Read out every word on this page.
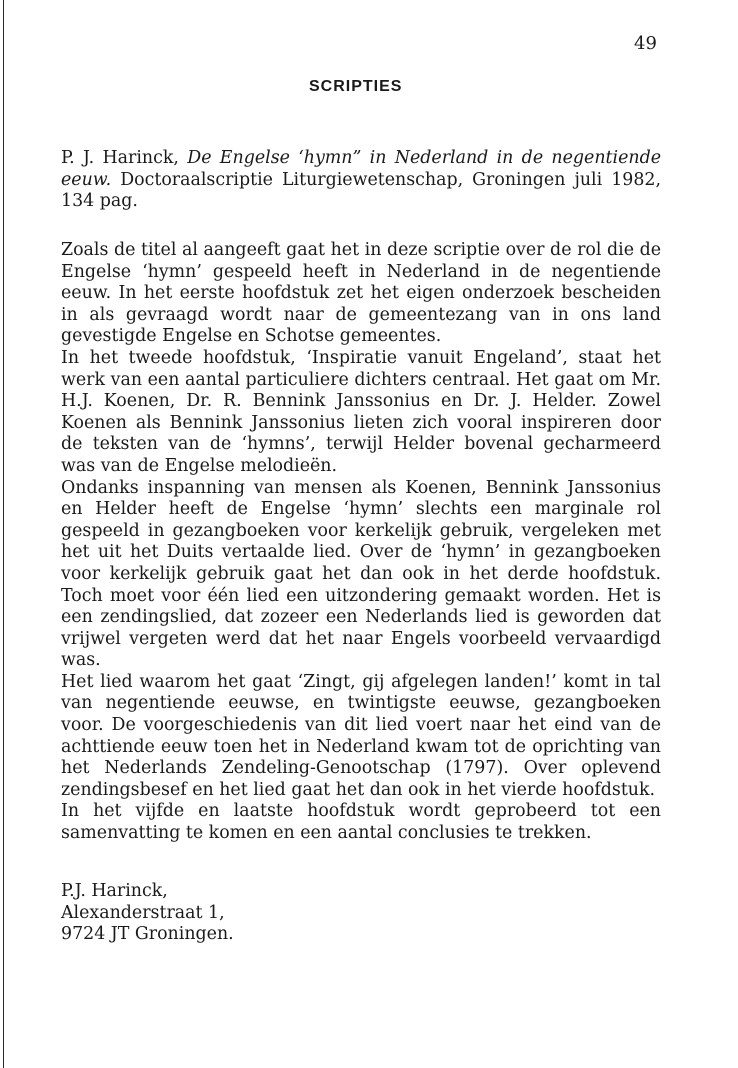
49
SCRIPTIES

P. J. Harinck, De Engelse ‘hymn” in Nederland in de negentiende eeuw. Doctoraalscriptie Liturgiewetenschap, Groningen juli 1982, 134 pag.

Zoals de titel al aangeeft gaat het in deze scriptie over de rol die de Engelse ‘hymn’ gespeeld heeft in Nederland in de negentiende eeuw. In het eerste hoofdstuk zet het eigen onderzoek bescheiden in als gevraagd wordt naar de gemeentezang van in ons land gevestigde Engelse en Schotse gemeentes.

In het tweede hoofdstuk, ‘Inspiratie vanuit Engeland’, staat het werk van een aantal particuliere dichters centraal. Het gaat om Mr. H.J. Koenen, Dr. R. Bennink Janssonius en Dr. J. Helder. Zowel Koenen als Bennink Janssonius lieten zich vooral inspireren door de teksten van de ‘hymns’, terwijl Helder bovenal gecharmeerd was van de Engelse melodieën.

Ondanks inspanning van mensen als Koenen, Bennink Janssonius en Helder heeft de Engelse ‘hymn’ slechts een marginale rol gespeeld in gezangboeken voor kerkelijk gebruik, vergeleken met het uit het Duits vertaalde lied. Over de ‘hymn’ in gezangboeken voor kerkelijk gebruik gaat het dan ook in het derde hoofdstuk. Toch moet voor één lied een uitzondering gemaakt worden. Het is een zendingslied, dat zozeer een Nederlands lied is geworden dat vrijwel vergeten werd dat het naar Engels voorbeeld vervaardigd was.

Het lied waarom het gaat ‘Zingt, gij afgelegen landen!’ komt in tal van negentiende eeuwse, en twintigste eeuwse, gezangboeken voor. De voorgeschiedenis van dit lied voert naar het eind van de achttiende eeuw toen het in Nederland kwam tot de oprichting van het Nederlands Zendeling-Genootschap (1797). Over oplevend zendingsbesef en het lied gaat het dan ook in het vierde hoofdstuk.

In het vijfde en laatste hoofdstuk wordt geprobeerd tot een samenvatting te komen en een aantal conclusies te trekken.

P.J. Harinck,
Alexanderstraat 1,
9724 JT Groningen.
